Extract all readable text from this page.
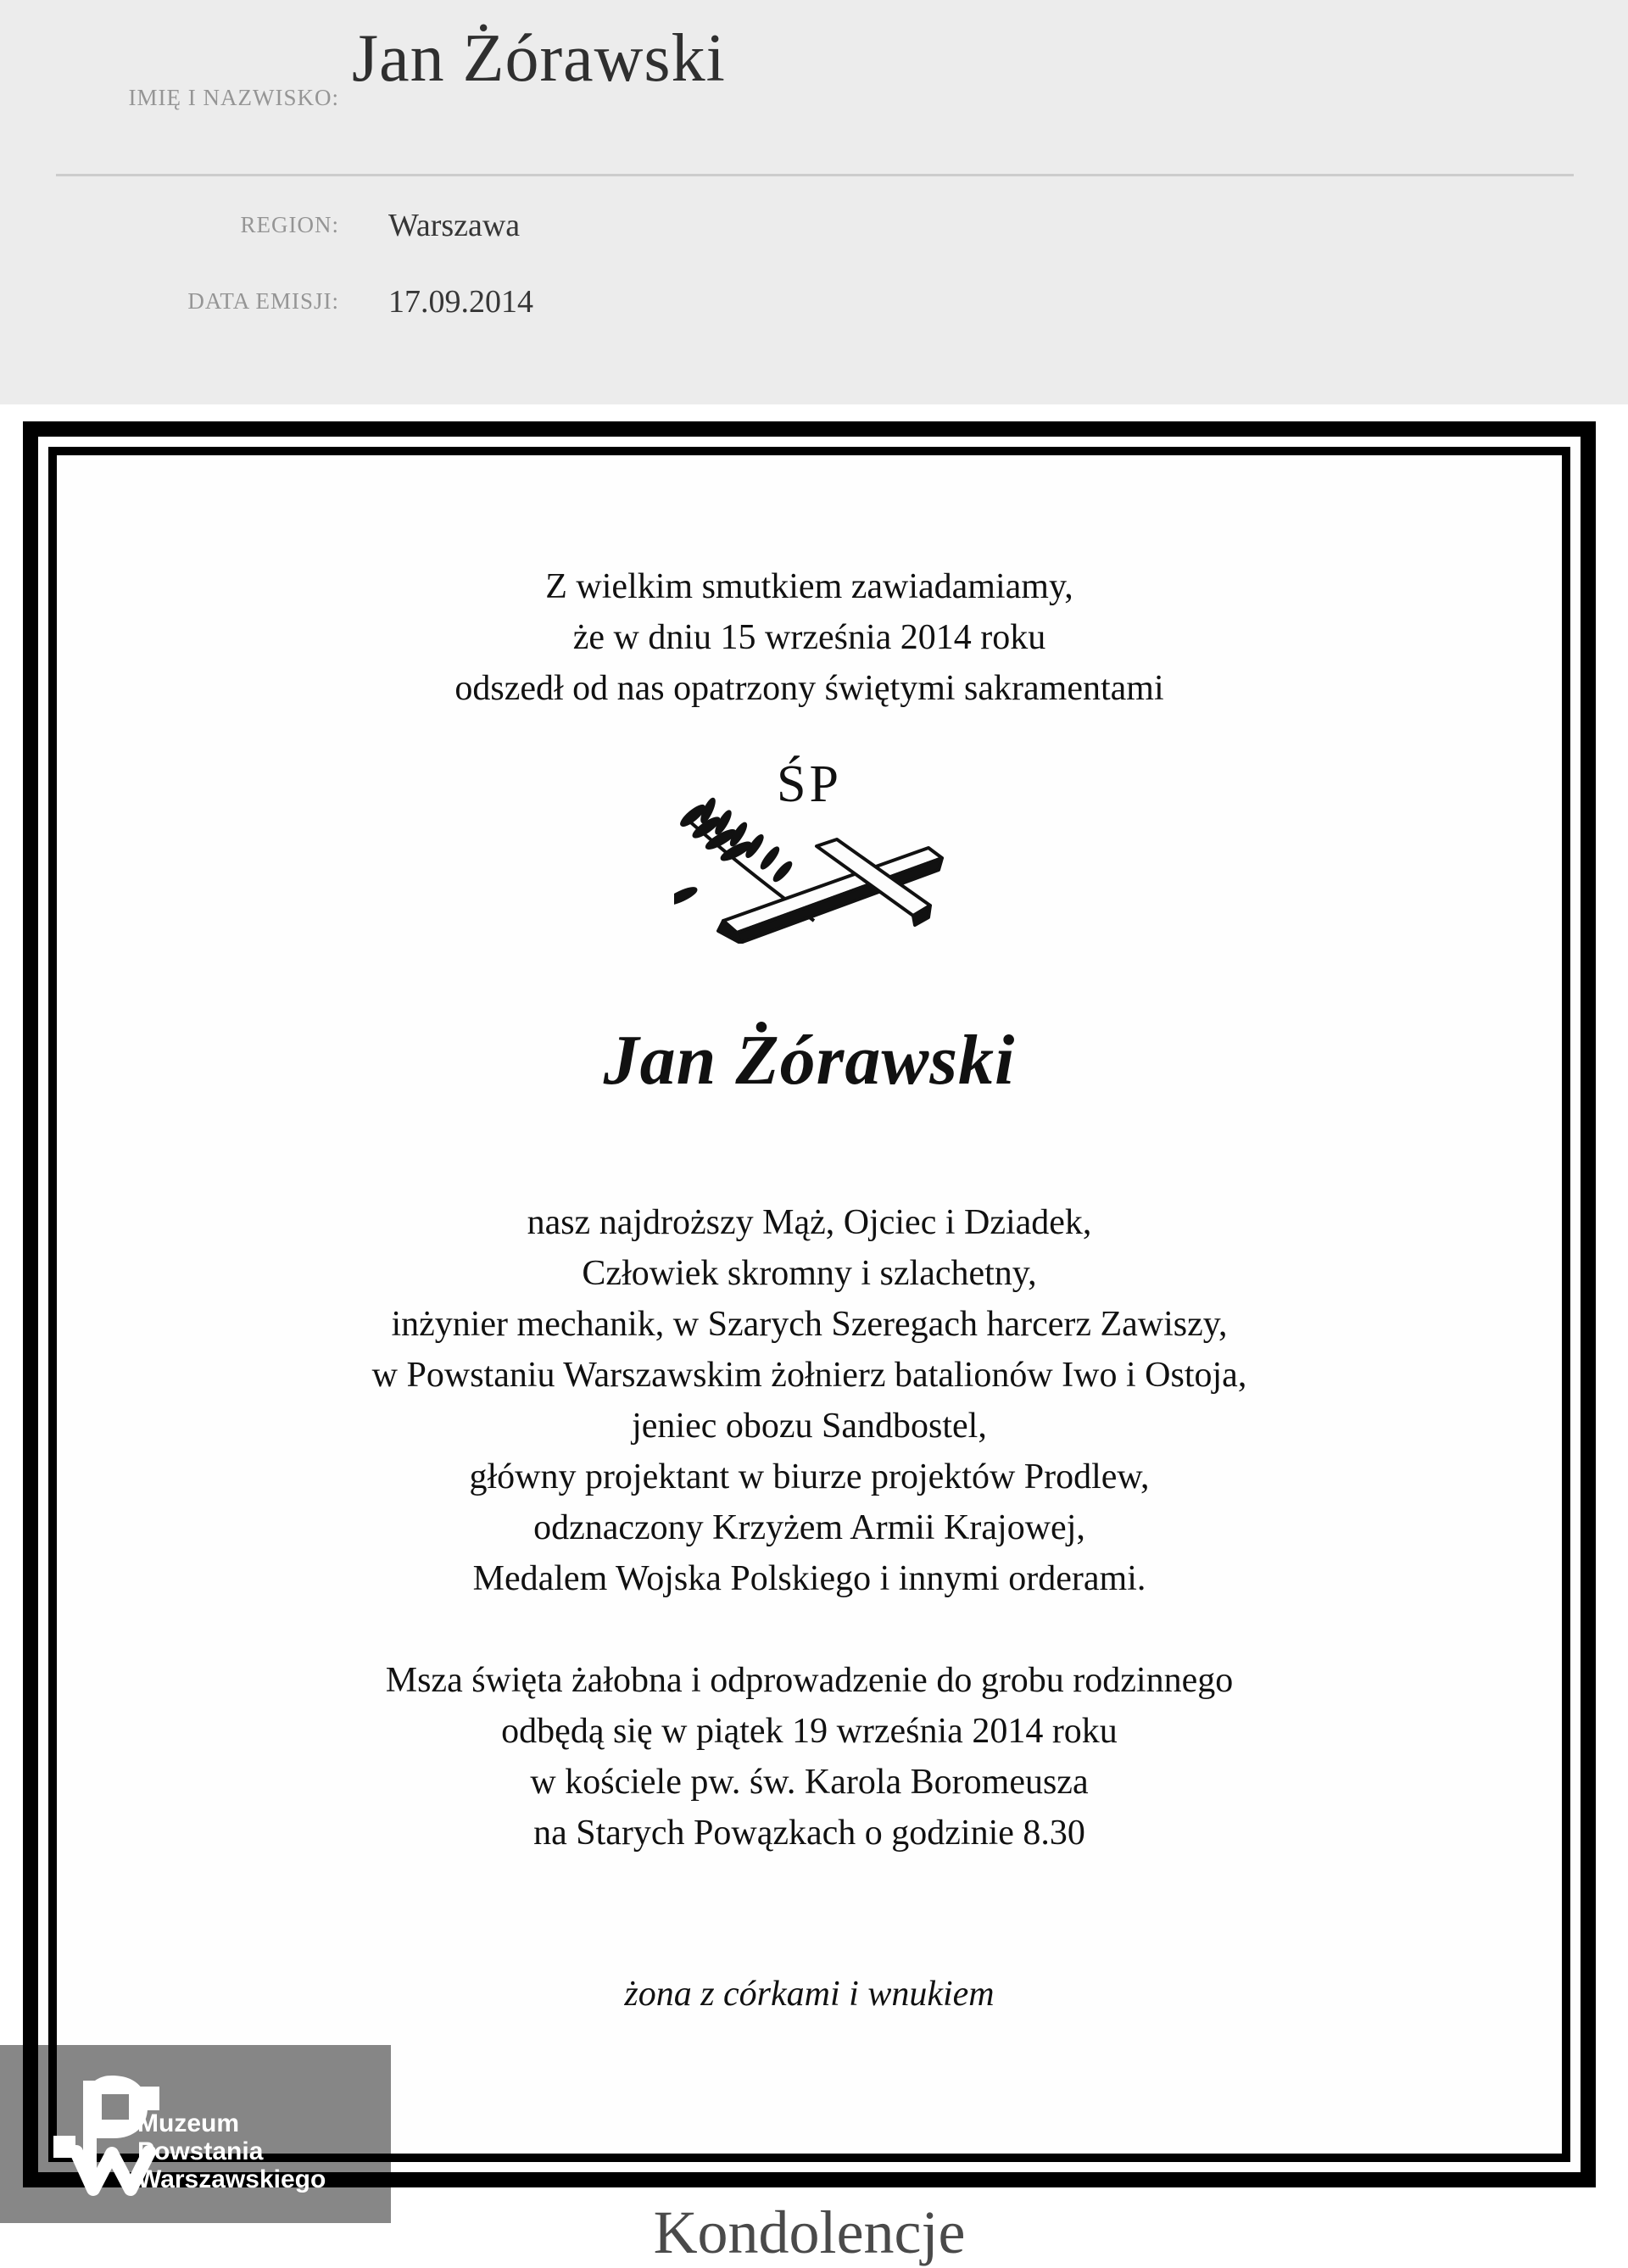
IMIĘ I NAZWISKO:
Jan Żórawski
REGION: Warszawa
DATA EMISJI: 17.09.2014
Z wielkim smutkiem zawiadamiamy,
że w dniu 15 września 2014 roku
odszedł od nas opatrzony świętymi sakramentami
ŚP
Jan Żórawski
nasz najdroższy Mąż, Ojciec i Dziadek,
Człowiek skromny i szlachetny,
inżynier mechanik, w Szarych Szeregach harcerz Zawiszy,
w Powstaniu Warszawskim żołnierz batalionów Iwo i Ostoja,
jeniec obozu Sandbostel,
główny projektant w biurze projektów Prodlew,
odznaczony Krzyżem Armii Krajowej,
Medalem Wojska Polskiego i innymi orderami.
Msza święta żałobna i odprowadzenie do grobu rodzinnego
odbędą się w piątek 19 września 2014 roku
w kościele pw. św. Karola Boromeusza
na Starych Powązkach o godzinie 8.30
żona z córkami i wnukiem
Kondolencje
Muzeum
Powstania
Warszawskiego
